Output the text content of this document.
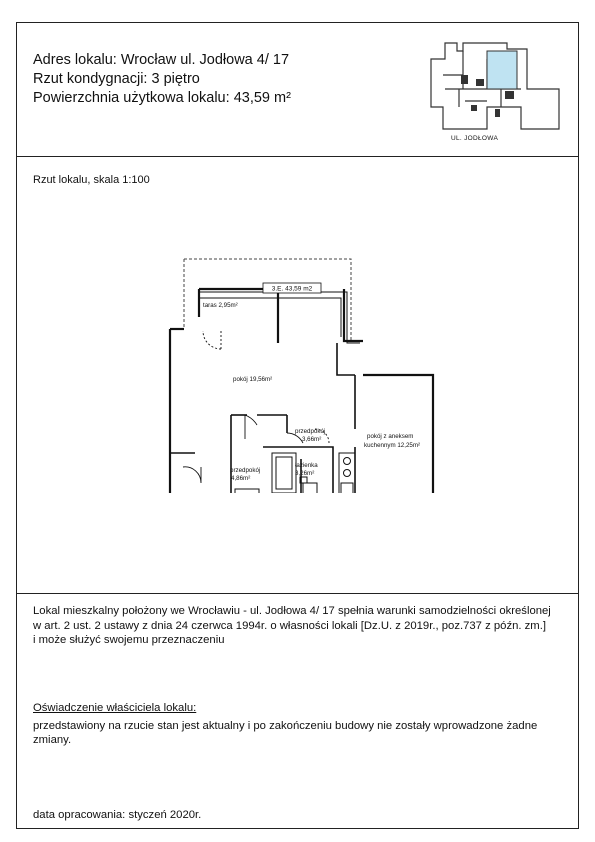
Adres lokalu: Wrocław ul. Jodłowa 4/ 17
Rzut kondygnacji: 3 piętro
Powierzchnia użytkowa lokalu: 43,59 m²
UL. JODŁOWA
Rzut lokalu, skala 1:100
3.E. 43,59 m2
taras 2,95m²
pokój 19,56m²
przedpokój
3,66m²	pokój z aneksem
kuchennym 12,25m²
łazienka
3,26m²
przedpokój
4,86m²

Lokal mieszkalny położony we Wrocławiu - ul. Jodłowa 4/ 17 spełnia warunki samodzielności określonej

w art. 2 ust. 2 ustawy z dnia 24 czerwca 1994r. o własności lokali [Dz.U. z 2019r., poz.737 z późn. zm.]

i może służyć swojemu przeznaczeniu

Oświadczenie właściciela lokalu:

przedstawiony na rzucie stan jest aktualny i po zakończeniu budowy nie zostały wprowadzone żadne

zmiany.

data opracowania: styczeń 2020r.
